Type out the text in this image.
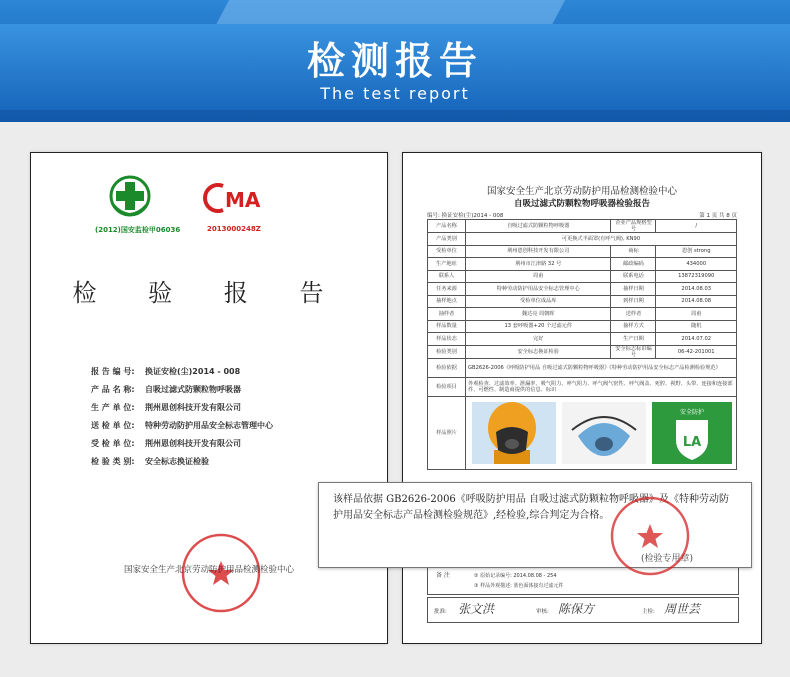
检测报告
The test report
MA
(2012)国安监检甲06036	2013000248Z
检 验 报 告
报 告 编 号: 换证安检(尘)2014 - 008
产 品 名 称: 自吸过滤式防颗粒物呼吸器
生 产 单 位: 荆州恩创科技开发有限公司
送 检 单 位: 特种劳动防护用品安全标志管理中心
受 检 单 位: 荆州恩创科技开发有限公司
检 验 类 别: 安全标志换证检验
国家安全生产北京劳动防护用品检测检验中心
国家安全生产北京劳动防护用品检测检验中心
自吸过滤式防颗粒物呼吸器检验报告
编号: 换证安检(尘)2014 - 008	第 1 页 共 8 页
产品名称	自吸过滤式防颗粒物呼吸器	企业产品规格型号	/
产品类别	可更换式半面罩(有呼气阀), KN90		
受检单位	荆州恩创科技开发有限公司	商标	恩创 strong
生产地址	荆州市江津路 32 号	邮政编码	434000
联系人	周甫	联系电话	13872319090
任务来源	特种劳动防护用品安全标志管理中心	抽样日期	2014.08.03
抽样地点	受检单位成品库	到样日期	2014.08.08
抽样者	魏达亮 周朝晖	送样者	周甫
样品数量	13 套呼吸器+20 个过滤元件	抽样方式	随机
样品状态	完好	生产日期	2014.07.02
检验类别	安全标志换证检验	安全标志标识编号	06-42-201001
检验依据	GB2626-2006《呼吸防护用品 自吸过滤式防颗粒物呼吸器》《特种劳动防护用品安全标志产品检测检验规范》		
检验项目	外观检查、过滤效率、泄漏率、吸气阻力、呼气阻力、呼气阀气密性、呼气阀盖、死腔、视野、头带、连接和连接部件、可燃性、制造商提供的信息、标识		
样品照片	安全防护
LA		
备 注	② 原始记录编号: 2014.08.08 - 254
③ 样品外观描述: 蓝色面体接有过滤元件
批准: 张文洪	审核: 陈保方	主检: 周世芸
该样品依据 GB2626-2006《呼吸防护用品 自吸过滤式防颗粒物呼吸器》及《特种劳动防护用品安全标志产品检测检验规范》,经检验,综合判定为合格。
(检验专用章)
